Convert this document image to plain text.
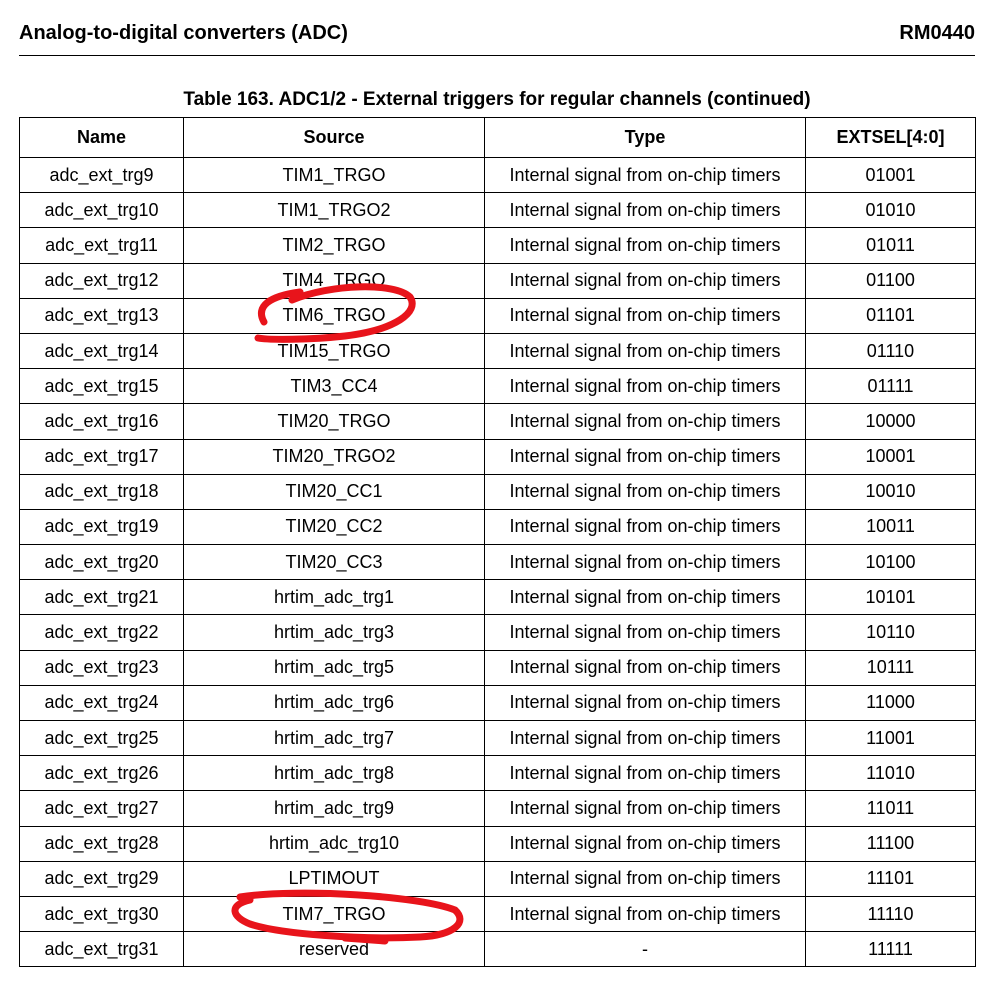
Analog-to-digital converters (ADC)	RM0440
Table 163. ADC1/2 - External triggers for regular channels (continued)
Name	Source	Type	EXTSEL[4:0]
adc_ext_trg9	TIM1_TRGO	Internal signal from on-chip timers	01001
adc_ext_trg10	TIM1_TRGO2	Internal signal from on-chip timers	01010
adc_ext_trg11	TIM2_TRGO	Internal signal from on-chip timers	01011
adc_ext_trg12	TIM4_TRGO	Internal signal from on-chip timers	01100
adc_ext_trg13	TIM6_TRGO	Internal signal from on-chip timers	01101
adc_ext_trg14	TIM15_TRGO	Internal signal from on-chip timers	01110
adc_ext_trg15	TIM3_CC4	Internal signal from on-chip timers	01111
adc_ext_trg16	TIM20_TRGO	Internal signal from on-chip timers	10000
adc_ext_trg17	TIM20_TRGO2	Internal signal from on-chip timers	10001
adc_ext_trg18	TIM20_CC1	Internal signal from on-chip timers	10010
adc_ext_trg19	TIM20_CC2	Internal signal from on-chip timers	10011
adc_ext_trg20	TIM20_CC3	Internal signal from on-chip timers	10100
adc_ext_trg21	hrtim_adc_trg1	Internal signal from on-chip timers	10101
adc_ext_trg22	hrtim_adc_trg3	Internal signal from on-chip timers	10110
adc_ext_trg23	hrtim_adc_trg5	Internal signal from on-chip timers	10111
adc_ext_trg24	hrtim_adc_trg6	Internal signal from on-chip timers	11000
adc_ext_trg25	hrtim_adc_trg7	Internal signal from on-chip timers	11001
adc_ext_trg26	hrtim_adc_trg8	Internal signal from on-chip timers	11010
adc_ext_trg27	hrtim_adc_trg9	Internal signal from on-chip timers	11011
adc_ext_trg28	hrtim_adc_trg10	Internal signal from on-chip timers	11100
adc_ext_trg29	LPTIMOUT	Internal signal from on-chip timers	11101
adc_ext_trg30	TIM7_TRGO	Internal signal from on-chip timers	11110
adc_ext_trg31	reserved	-	11111
